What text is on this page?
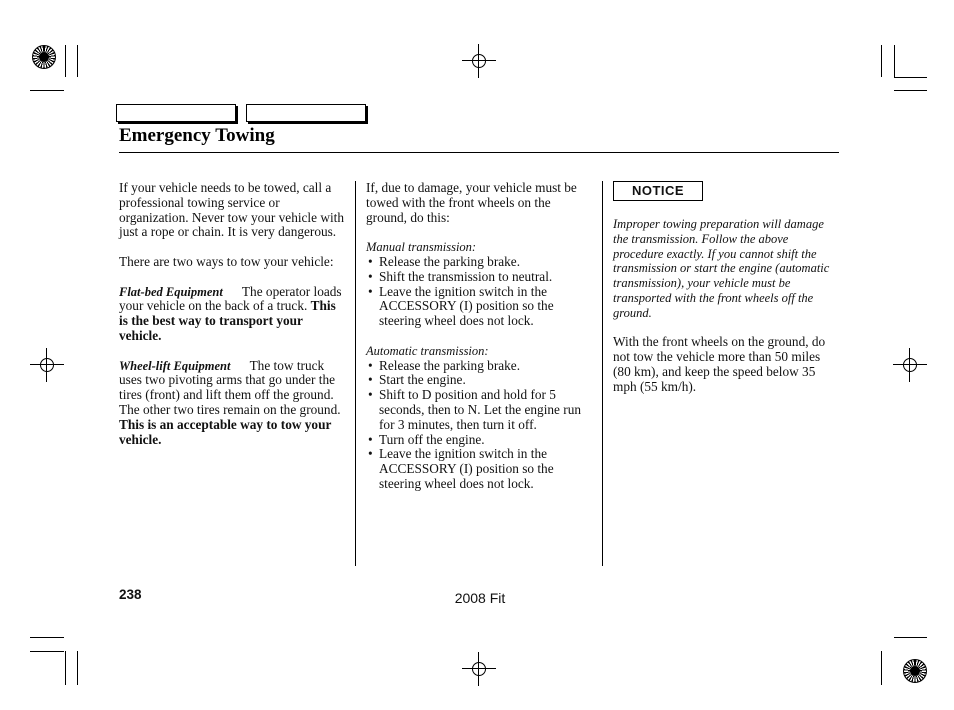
Emergency Towing

If your vehicle needs to be towed, call a professional towing service or organization. Never tow your vehicle with just a rope or chain. It is very dangerous.

There are two ways to tow your vehicle:

Flat-bed Equipment The operator loads your vehicle on the back of a truck. This is the best way to transport your vehicle.

Wheel-lift Equipment The tow truck uses two pivoting arms that go under the tires (front) and lift them off the ground. The other two tires remain on the ground. This is an acceptable way to tow your vehicle.

If, due to damage, your vehicle must be towed with the front wheels on the ground, do this:

Manual transmission:
• Release the parking brake.
• Shift the transmission to neutral.
• Leave the ignition switch in the ACCESSORY (I) position so the steering wheel does not lock.
Automatic transmission:
• Release the parking brake.
• Start the engine.
• Shift to D position and hold for 5 seconds, then to N. Let the engine run for 3 minutes, then turn it off.
• Turn off the engine.
• Leave the ignition switch in the ACCESSORY (I) position so the steering wheel does not lock.
NOTICE

Improper towing preparation will damage the transmission. Follow the above procedure exactly. If you cannot shift the transmission or start the engine (automatic transmission), your vehicle must be transported with the front wheels off the ground.

With the front wheels on the ground, do not tow the vehicle more than 50 miles (80 km), and keep the speed below 35 mph (55 km/h).

238	2008 Fit
